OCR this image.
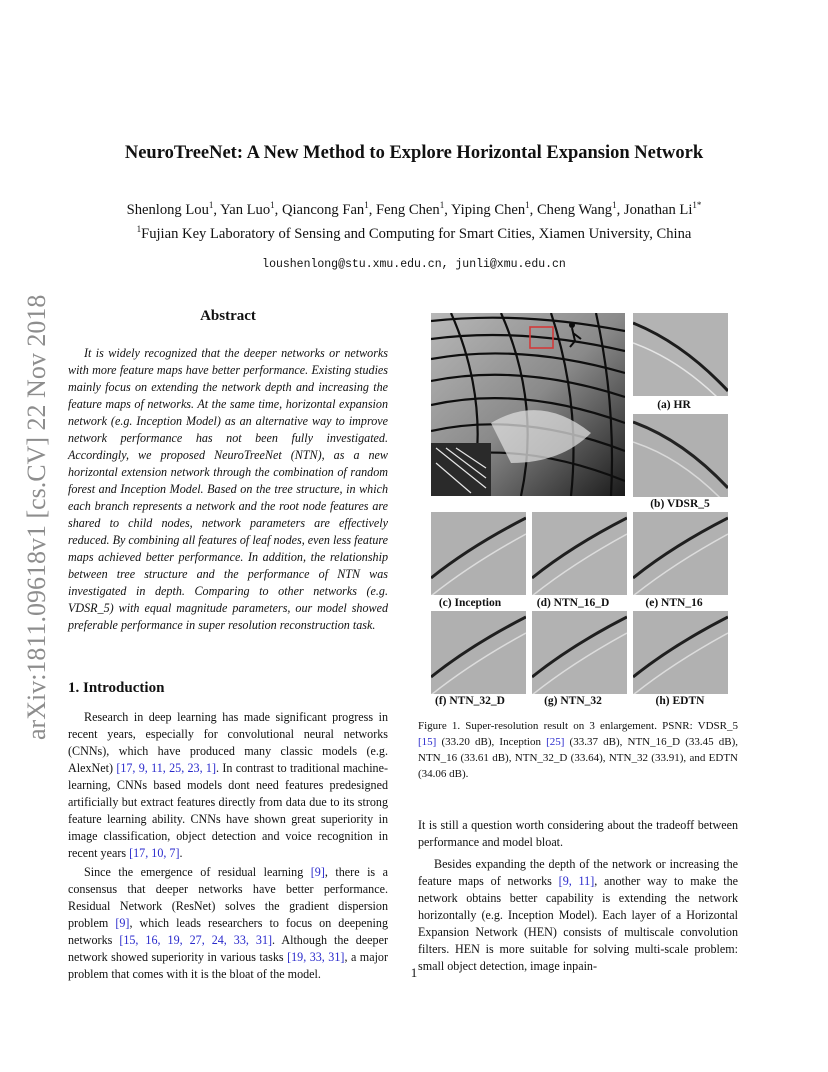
NeuroTreeNet: A New Method to Explore Horizontal Expansion Network
Shenlong Lou$^1$, Yan Luo$^1$, Qiancong Fan$^1$, Feng Chen$^1$, Yiping Chen$^1$, Cheng Wang$^1$, Jonathan $Li^{1*}$
$^1$Fujian Key Laboratory of Sensing and Computing for Smart Cities, Xiamen University, China
loushenlong@stu.xmu.edu.cn, junli@xmu.edu.cn
arXiv:1811.09618v1 [cs.CV] 22 Nov 2018	Abstract
It is widely recognized that the deeper networks or networks with more feature maps have better performance. Existing studies mainly focus on extending the network depth and increasing the feature maps of networks. At the same time, horizontal expansion network (e.g. Inception Model) as an alternative way to improve network performance has not been fully investigated. Accordingly, we proposed NeuroTreeNet (NTN), as a new horizontal extension network through the combination of random forest and Inception Model. Based on the tree structure, in which each branch represents a network and the root node features are shared to child nodes, network parameters are effectively reduced. By combining all features of leaf nodes, even less feature maps achieved better performance. In addition, the relationship between tree structure and the performance of NTN was investigated in depth. Comparing to other networks (e.g. VDSR_5) with equal magnitude parameters, our model showed preferable performance in super resolution reconstruction task.
1. Introduction

Research in deep learning has made significant progress in recent years, especially for convolutional neural networks (CNNs), which have produced many classic models (e.g. AlexNet) [17, 9, 11, 25, 23, 1]. In contrast to traditional machine-learning, CNNs based models dont need features predesigned artificially but extract features directly from data due to its strong feature learning ability. CNNs have shown great superiority in image classification, object detection and voice recognition in recent years [17, 10, 7].

Since the emergence of residual learning [9], there is a consensus that deeper networks have better performance. Residual Network (ResNet) solves the gradient dispersion problem [9], which leads researchers to focus on deepening networks [15, 16, 19, 27, 24, 33, 31]. Although the deeper network showed superiority in various tasks [19, 33, 31], a major problem that comes with it is the bloat of the model.

(a) HR
(b) VDSR_5
(c) Inception	(d) NTN_16_D	(e) NTN_16
(f) NTN_32_D	(g) NTN_32	(h) EDTN
Figure 1. Super-resolution result on 3 enlargement. PSNR: VDSR_5 [15] (33.20 dB), Inception [25] (33.37 dB), NTN_16_D (33.45 dB), NTN_16 (33.61 dB), NTN_32_D (33.64), NTN_32 (33.91), and EDTN (34.06 dB).

It is still a question worth considering about the tradeoff between performance and model bloat.

Besides expanding the depth of the network or increasing the feature maps of networks [9, 11], another way to make the network obtains better capability is extending the network horizontally (e.g. Inception Model). Each layer of a Horizontal Expansion Network (HEN) consists of multiscale convolution filters. HEN is more suitable for solving multi-scale problem: small object detection, image inpain-

1
